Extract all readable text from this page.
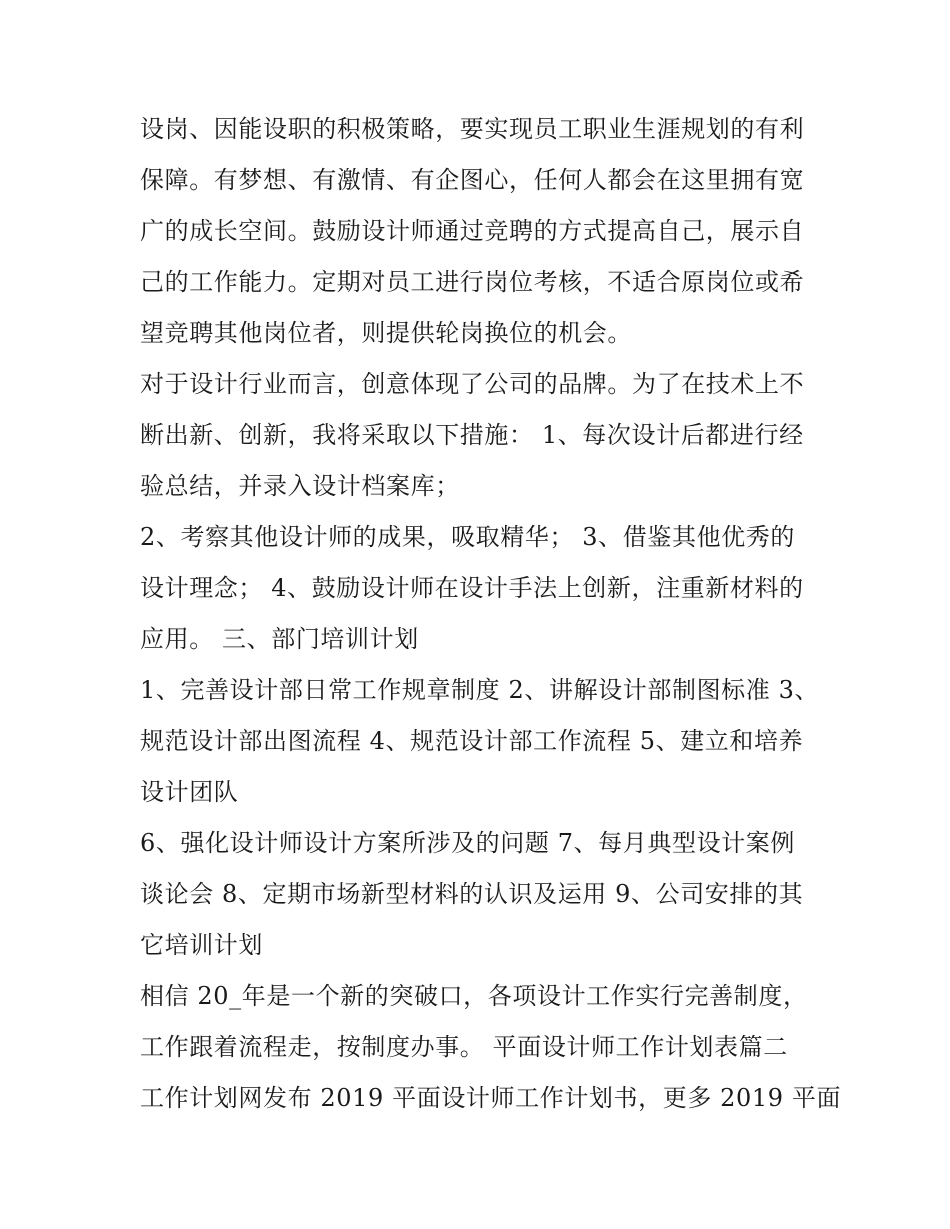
设岗、因能设职的积极策略，要实现员工职业生涯规划的有利
保障。有梦想、有激情、有企图心，任何人都会在这里拥有宽
广的成长空间。鼓励设计师通过竞聘的方式提高自己，展示自
己的工作能力。定期对员工进行岗位考核，不适合原岗位或希
望竞聘其他岗位者，则提供轮岗换位的机会。
对于设计行业而言，创意体现了公司的品牌。为了在技术上不
断出新、创新，我将采取以下措施： 1、每次设计后都进行经
验总结，并录入设计档案库；
2、考察其他设计师的成果，吸取精华； 3、借鉴其他优秀的
设计理念； 4、鼓励设计师在设计手法上创新，注重新材料的
应用。 三、部门培训计划
1、完善设计部日常工作规章制度 2、讲解设计部制图标准 3、
规范设计部出图流程 4、规范设计部工作流程 5、建立和培养
设计团队
6、强化设计师设计方案所涉及的问题 7、每月典型设计案例
谈论会 8、定期市场新型材料的认识及运用 9、公司安排的其
它培训计划
相信 20_年是一个新的突破口，各项设计工作实行完善制度，
工作跟着流程走，按制度办事。 平面设计师工作计划表篇二
工作计划网发布 2019 平面设计师工作计划书，更多 2019 平面
